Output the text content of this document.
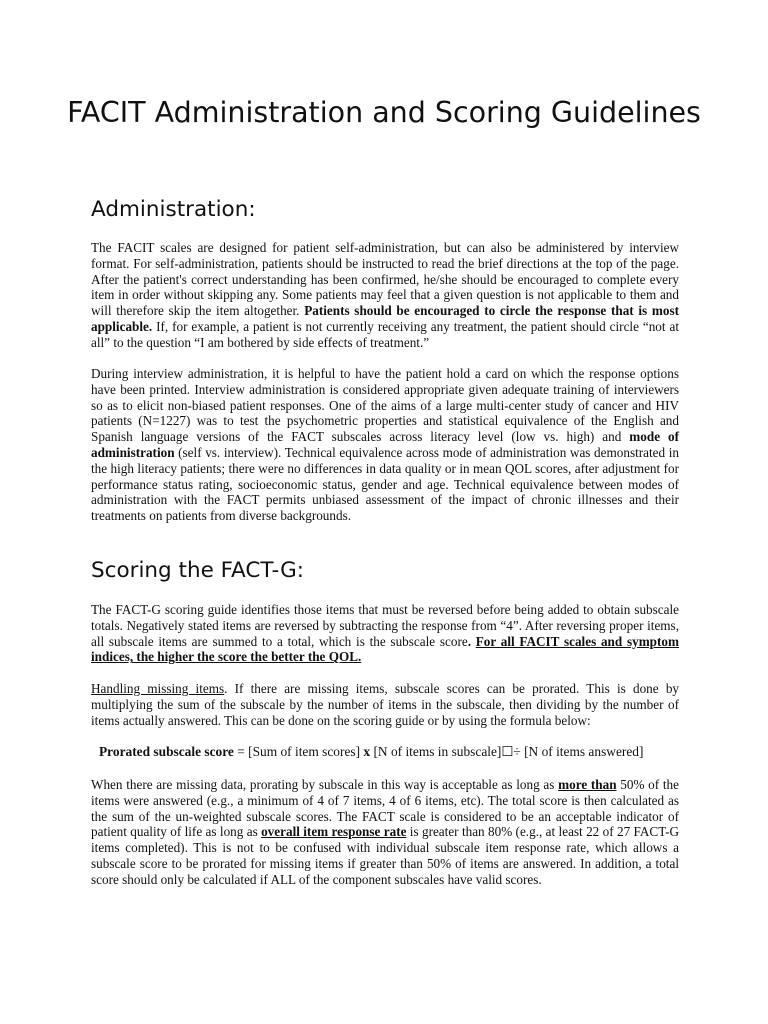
FACIT Administration and Scoring Guidelines
Administration:

The FACIT scales are designed for patient self-administration, but can also be administered by interview format. For self-administration, patients should be instructed to read the brief directions at the top of the page. After the patient's correct understanding has been confirmed, he/she should be encouraged to complete every item in order without skipping any. Some patients may feel that a given question is not applicable to them and will therefore skip the item altogether. Patients should be encouraged to circle the response that is most applicable. If, for example, a patient is not currently receiving any treatment, the patient should circle “not at all” to the question “I am bothered by side effects of treatment.”

During interview administration, it is helpful to have the patient hold a card on which the response options have been printed. Interview administration is considered appropriate given adequate training of interviewers so as to elicit non-biased patient responses. One of the aims of a large multi-center study of cancer and HIV patients (N=1227) was to test the psychometric properties and statistical equivalence of the English and Spanish language versions of the FACT subscales across literacy level (low vs. high) and mode of administration (self vs. interview). Technical equivalence across mode of administration was demonstrated in the high literacy patients; there were no differences in data quality or in mean QOL scores, after adjustment for performance status rating, socioeconomic status, gender and age. Technical equivalence between modes of administration with the FACT permits unbiased assessment of the impact of chronic illnesses and their treatments on patients from diverse backgrounds.

Scoring the FACT-G:

The FACT-G scoring guide identifies those items that must be reversed before being added to obtain subscale totals. Negatively stated items are reversed by subtracting the response from “4”. After reversing proper items, all subscale items are summed to a total, which is the subscale score. For all FACIT scales and symptom indices, the higher the score the better the QOL.

Handling missing items. If there are missing items, subscale scores can be prorated. This is done by multiplying the sum of the subscale by the number of items in the subscale, then dividing by the number of items actually answered. This can be done on the scoring guide or by using the formula below:

Prorated subscale score = [Sum of item scores] x [N of items in subscale]☐÷ [N of items answered]

When there are missing data, prorating by subscale in this way is acceptable as long as more than 50% of the items were answered (e.g., a minimum of 4 of 7 items, 4 of 6 items, etc). The total score is then calculated as the sum of the un-weighted subscale scores. The FACT scale is considered to be an acceptable indicator of patient quality of life as long as overall item response rate is greater than 80% (e.g., at least 22 of 27 FACT-G items completed). This is not to be confused with individual subscale item response rate, which allows a subscale score to be prorated for missing items if greater than 50% of items are answered. In addition, a total score should only be calculated if ALL of the component subscales have valid scores.
